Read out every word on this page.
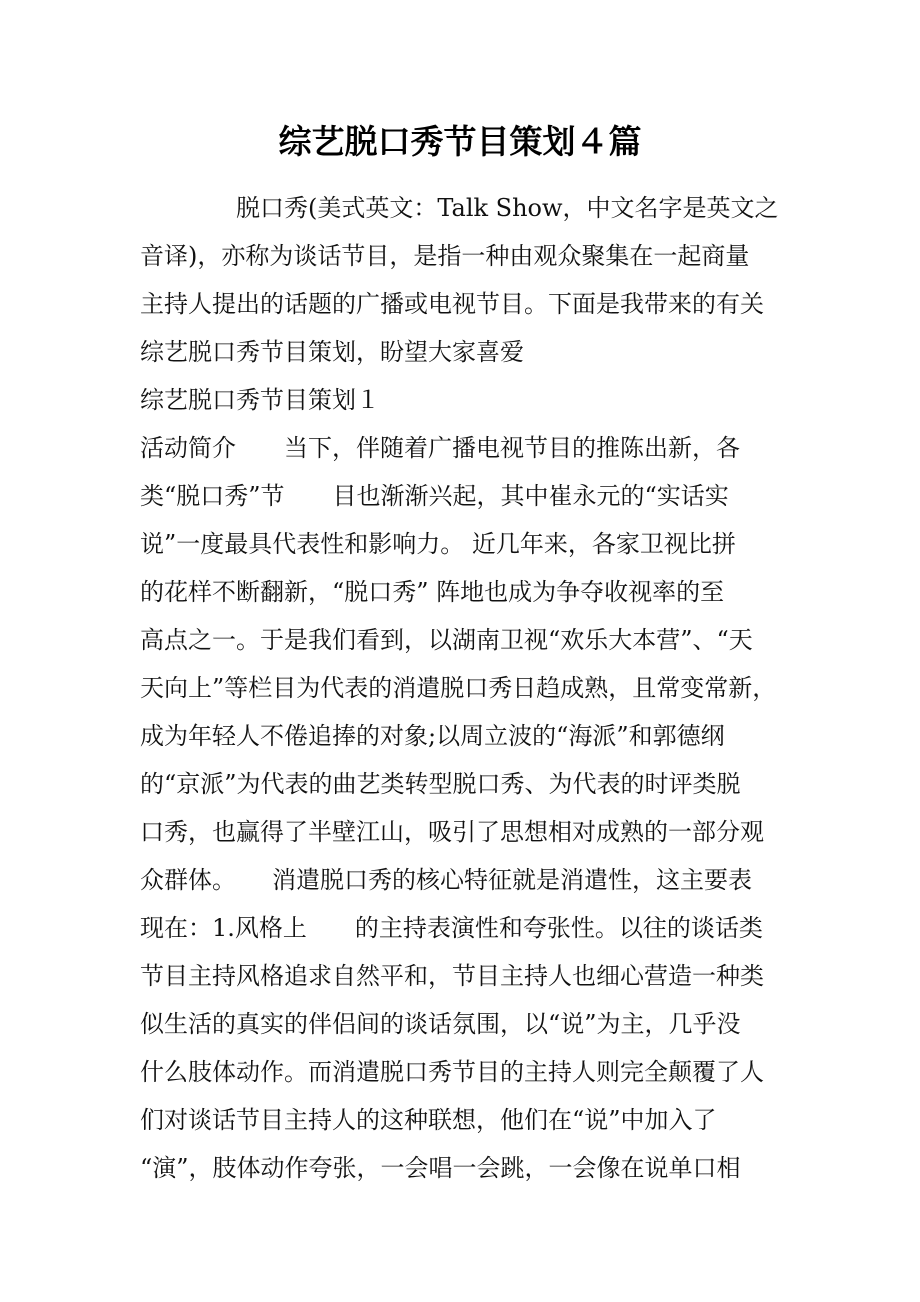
综艺脱口秀节目策划４篇

　　　　脱口秀(美式英文：Talk Show，中文名字是英文之

音译)，亦称为谈话节目，是指一种由观众聚集在一起商量

主持人提出的话题的广播或电视节目。下面是我带来的有关

综艺脱口秀节目策划，盼望大家喜爱

综艺脱口秀节目策划１

活动简介　　当下，伴随着广播电视节目的推陈出新，各

类“脱口秀”节　　目也渐渐兴起，其中崔永元的“实话实

说”一度最具代表性和影响力。 近几年来，各家卫视比拼

的花样不断翻新，“脱口秀” 阵地也成为争夺收视率的至

高点之一。于是我们看到，以湖南卫视“欢乐大本营”、“天

天向上”等栏目为代表的消遣脱口秀日趋成熟，且常变常新，

成为年轻人不倦追捧的对象;以周立波的“海派”和郭德纲

的“京派”为代表的曲艺类转型脱口秀、为代表的时评类脱

口秀，也赢得了半壁江山，吸引了思想相对成熟的一部分观

众群体。　　消遣脱口秀的核心特征就是消遣性，这主要表

现在：1.风格上　　的主持表演性和夸张性。以往的谈话类

节目主持风格追求自然平和，节目主持人也细心营造一种类

似生活的真实的伴侣间的谈话氛围，以“说”为主，几乎没

什么肢体动作。而消遣脱口秀节目的主持人则完全颠覆了人

们对谈话节目主持人的这种联想，他们在“说”中加入了

“演”，肢体动作夸张，一会唱一会跳，一会像在说单口相
